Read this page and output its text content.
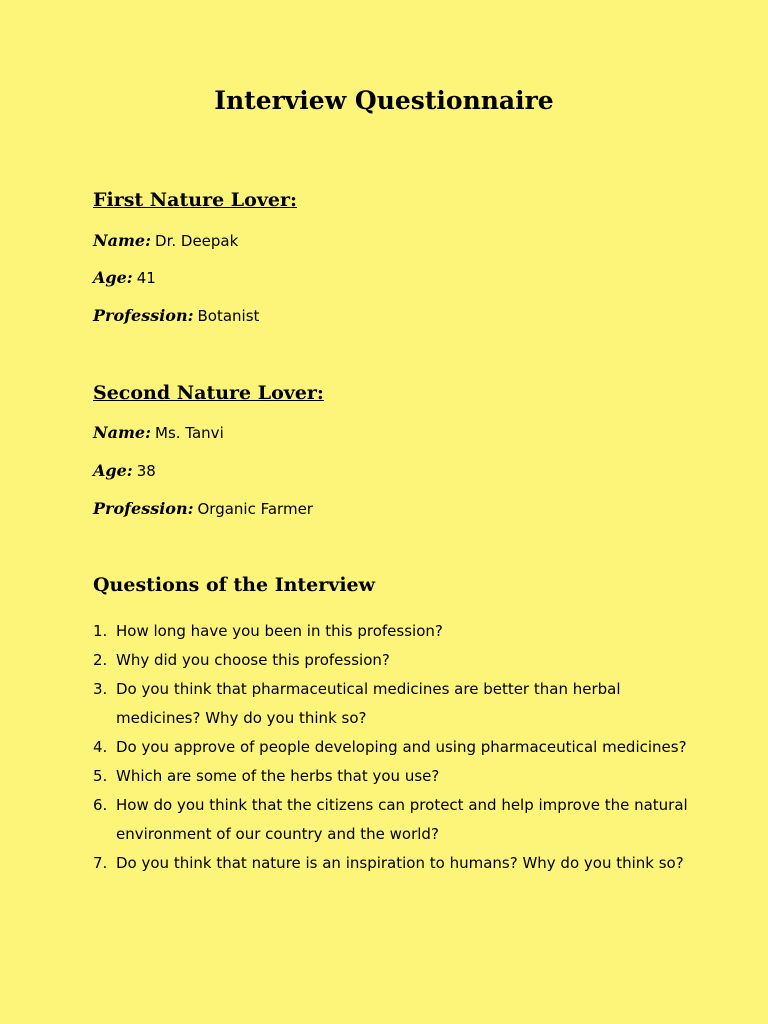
Interview Questionnaire
First Nature Lover:

Name: Dr. Deepak

Age: 41

Profession: Botanist

Second Nature Lover:

Name: Ms. Tanvi

Age: 38

Profession: Organic Farmer

Questions of the Interview
1. How long have you been in this profession?
2. Why did you choose this profession?
3. Do you think that pharmaceutical medicines are better than herbal medicines? Why do you think so?
4. Do you approve of people developing and using pharmaceutical medicines?
5. Which are some of the herbs that you use?
6. How do you think that the citizens can protect and help improve the natural environment of our country and the world?
7. Do you think that nature is an inspiration to humans? Why do you think so?
